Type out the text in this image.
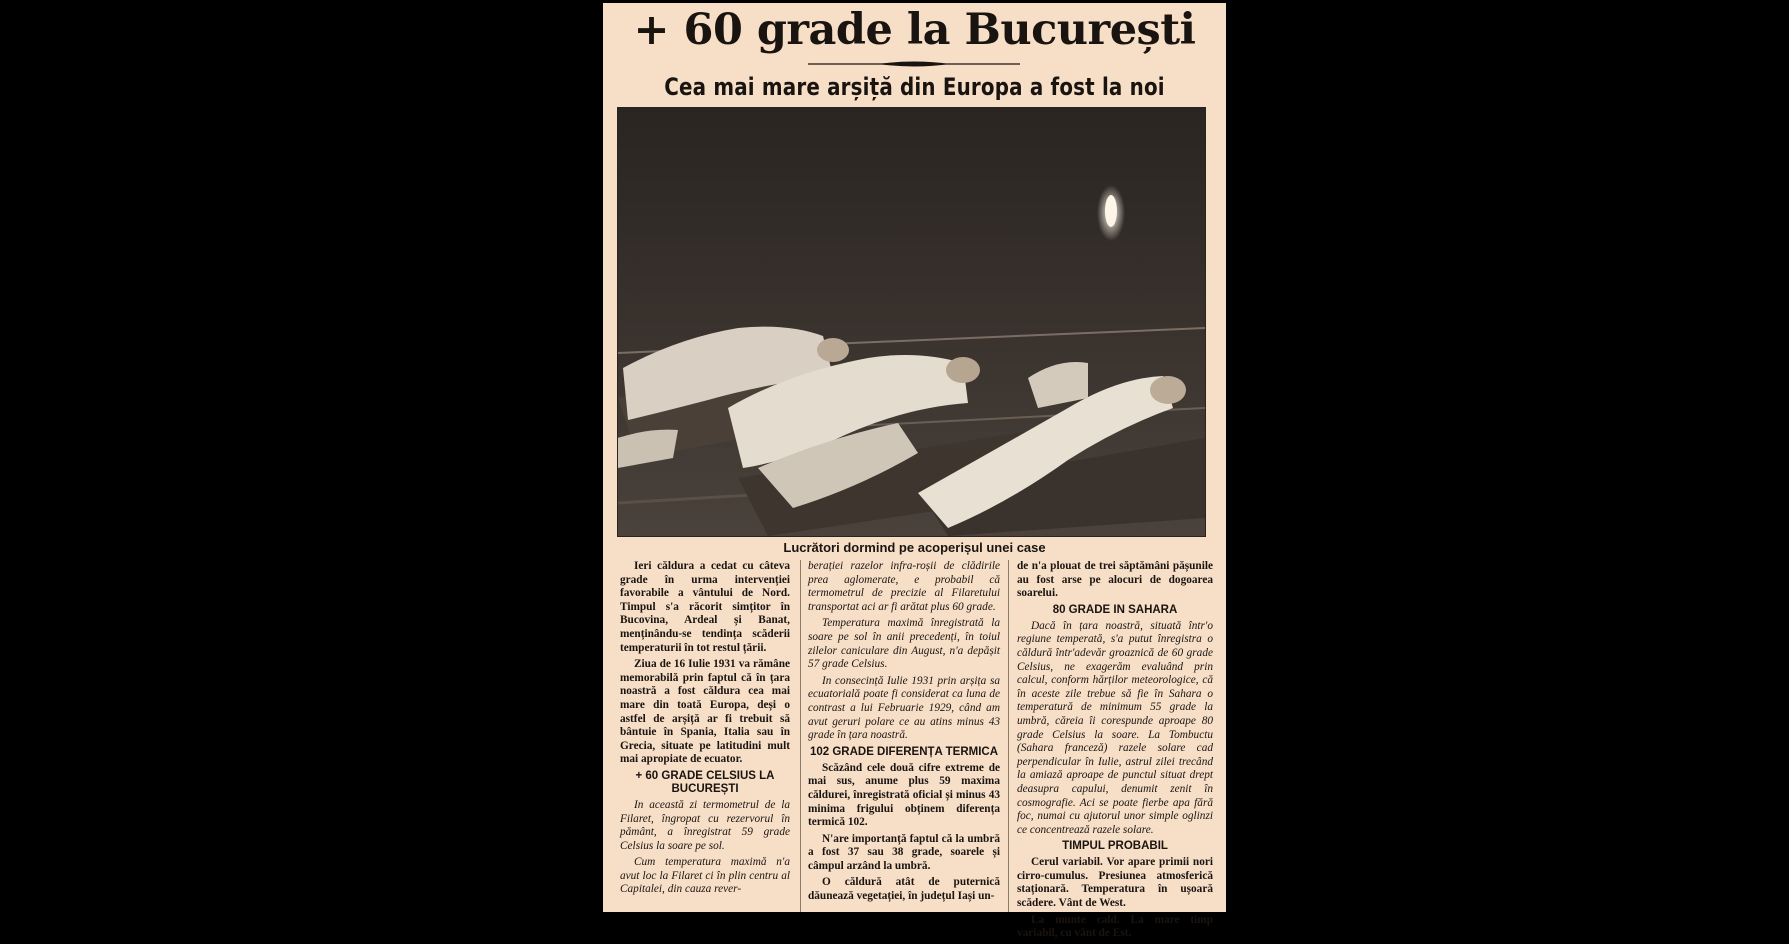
+ 60 grade la București
Cea mai mare arșiță din Europa a fost la noi
Lucrători dormind pe acoperișul unei case

Ieri căldura a cedat cu câteva grade în urma intervenției favorabile a vântului de Nord. Timpul s'a răcorit simțitor în Bucovina, Ardeal și Banat, menținându-se tendința scăderii temperaturii în tot restul țării.

Ziua de 16 Iulie 1931 va rămâne memorabilă prin faptul că în țara noastră a fost căldura cea mai mare din toată Europa, deși o astfel de arșiță ar fi trebuit să bântuie în Spania, Italia sau în Grecia, situate pe latitudini mult mai apropiate de ecuator.

+ 60 GRADE CELSIUS LA BUCUREȘTI

In această zi termometrul de la Filaret, îngropat cu rezervorul în pământ, a înregistrat 59 grade Celsius la soare pe sol.

Cum temperatura maximă n'a avut loc la Filaret ci în plin centru al Capitalei, din cauza rever-

berației razelor infra-roșii de clădirile prea aglomerate, e probabil că termometrul de precizie al Filaretului transportat aci ar fi arătat plus 60 grade.

Temperatura maximă înregistrată la soare pe sol în anii precedenți, în toiul zilelor caniculare din August, n'a depășit 57 grade Celsius.

In consecință Iulie 1931 prin arșița sa ecuatorială poate fi considerat ca luna de contrast a lui Februarie 1929, când am avut geruri polare ce au atins minus 43 grade în țara noastră.

102 GRADE DIFERENȚA TERMICA

Scăzând cele două cifre extreme de mai sus, anume plus 59 maxima căldurei, înregistrată oficial și minus 43 minima frigului obținem diferența termică 102.

N'are importanță faptul că la umbră a fost 37 sau 38 grade, soarele și câmpul arzând la umbră.

O căldură atât de puternică dăunează vegetației, în județul Iași un-

de n'a plouat de trei săptămâni pășunile au fost arse pe alocuri de dogoarea soarelui.

80 GRADE IN SAHARA

Dacă în țara noastră, situată într'o regiune temperată, s'a putut înregistra o căldură într'adevăr groaznică de 60 grade Celsius, ne exagerăm evaluând prin calcul, conform hărților meteorologice, că în aceste zile trebue să fie în Sahara o temperatură de minimum 55 grade la umbră, căreia îi corespunde aproape 80 grade Celsius la soare. La Tombuctu (Sahara franceză) razele solare cad perpendicular în Iulie, astrul zilei trecând la amiază aproape de punctul situat drept deasupra capului, denumit zenit în cosmografie. Aci se poate fierbe apa fără foc, numai cu ajutorul unor simple oglinzi ce concentrează razele solare.

TIMPUL PROBABIL

Cerul variabil. Vor apare primii nori cirro-cumulus. Presiunea atmosferică staționară. Temperatura în ușoară scădere. Vânt de West.

La munte cald. La mare timp variabil, cu vânt de Est.
